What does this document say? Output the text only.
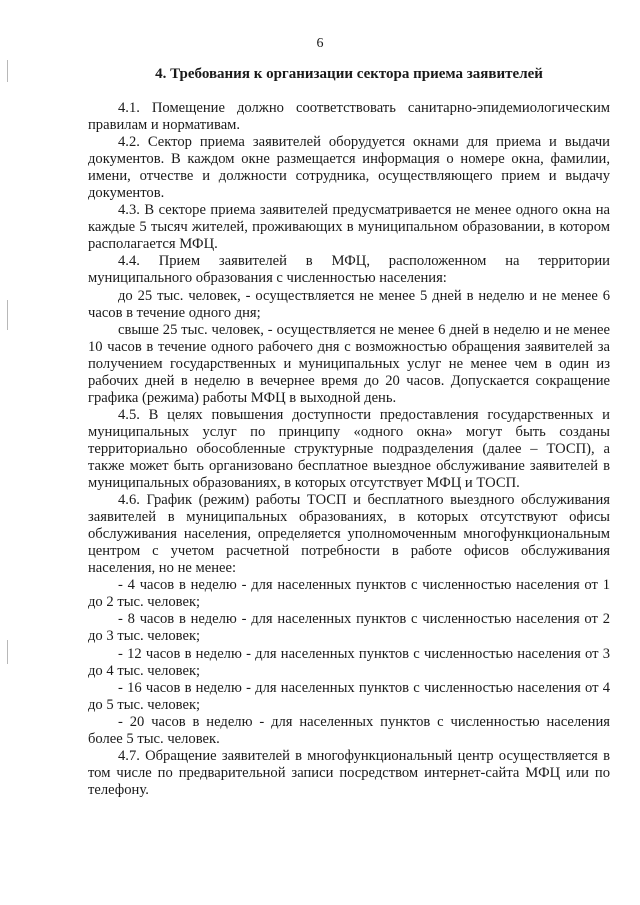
6
4. Требования к организации сектора приема заявителей

4.1. Помещение должно соответствовать санитарно-эпидемиологическим правилам и нормативам.

4.2. Сектор приема заявителей оборудуется окнами для приема и выдачи документов. В каждом окне размещается информация о номере окна, фамилии, имени, отчестве и должности сотрудника, осуществляющего прием и выдачу документов.

4.3. В секторе приема заявителей предусматривается не менее одного окна на каждые 5 тысяч жителей, проживающих в муниципальном образовании, в котором располагается МФЦ.

4.4. Прием заявителей в МФЦ, расположенном на территории муниципального образования с численностью населения:

до 25 тыс. человек, - осуществляется не менее 5 дней в неделю и не менее 6 часов в течение одного дня;

свыше 25 тыс. человек, - осуществляется не менее 6 дней в неделю и не менее 10 часов в течение одного рабочего дня с возможностью обращения заявителей за получением государственных и муниципальных услуг не менее чем в один из рабочих дней в неделю в вечернее время до 20 часов. Допускается сокращение графика (режима) работы МФЦ в выходной день.

4.5. В целях повышения доступности предоставления государственных и муниципальных услуг по принципу «одного окна» могут быть созданы территориально обособленные структурные подразделения (далее – ТОСП), а также может быть организовано бесплатное выездное обслуживание заявителей в муниципальных образованиях, в которых отсутствует МФЦ и ТОСП.

4.6. График (режим) работы ТОСП и бесплатного выездного обслуживания заявителей в муниципальных образованиях, в которых отсутствуют офисы обслуживания населения, определяется уполномоченным многофункциональным центром с учетом расчетной потребности в работе офисов обслуживания населения, но не менее:

- 4 часов в неделю - для населенных пунктов с численностью населения от 1 до 2 тыс. человек;

- 8 часов в неделю - для населенных пунктов с численностью населения от 2 до 3 тыс. человек;

- 12 часов в неделю - для населенных пунктов с численностью населения от 3 до 4 тыс. человек;

- 16 часов в неделю - для населенных пунктов с численностью населения от 4 до 5 тыс. человек;

- 20 часов в неделю - для населенных пунктов с численностью населения более 5 тыс. человек.

4.7. Обращение заявителей в многофункциональный центр осуществляется в том числе по предварительной записи посредством интернет-сайта МФЦ или по телефону.
